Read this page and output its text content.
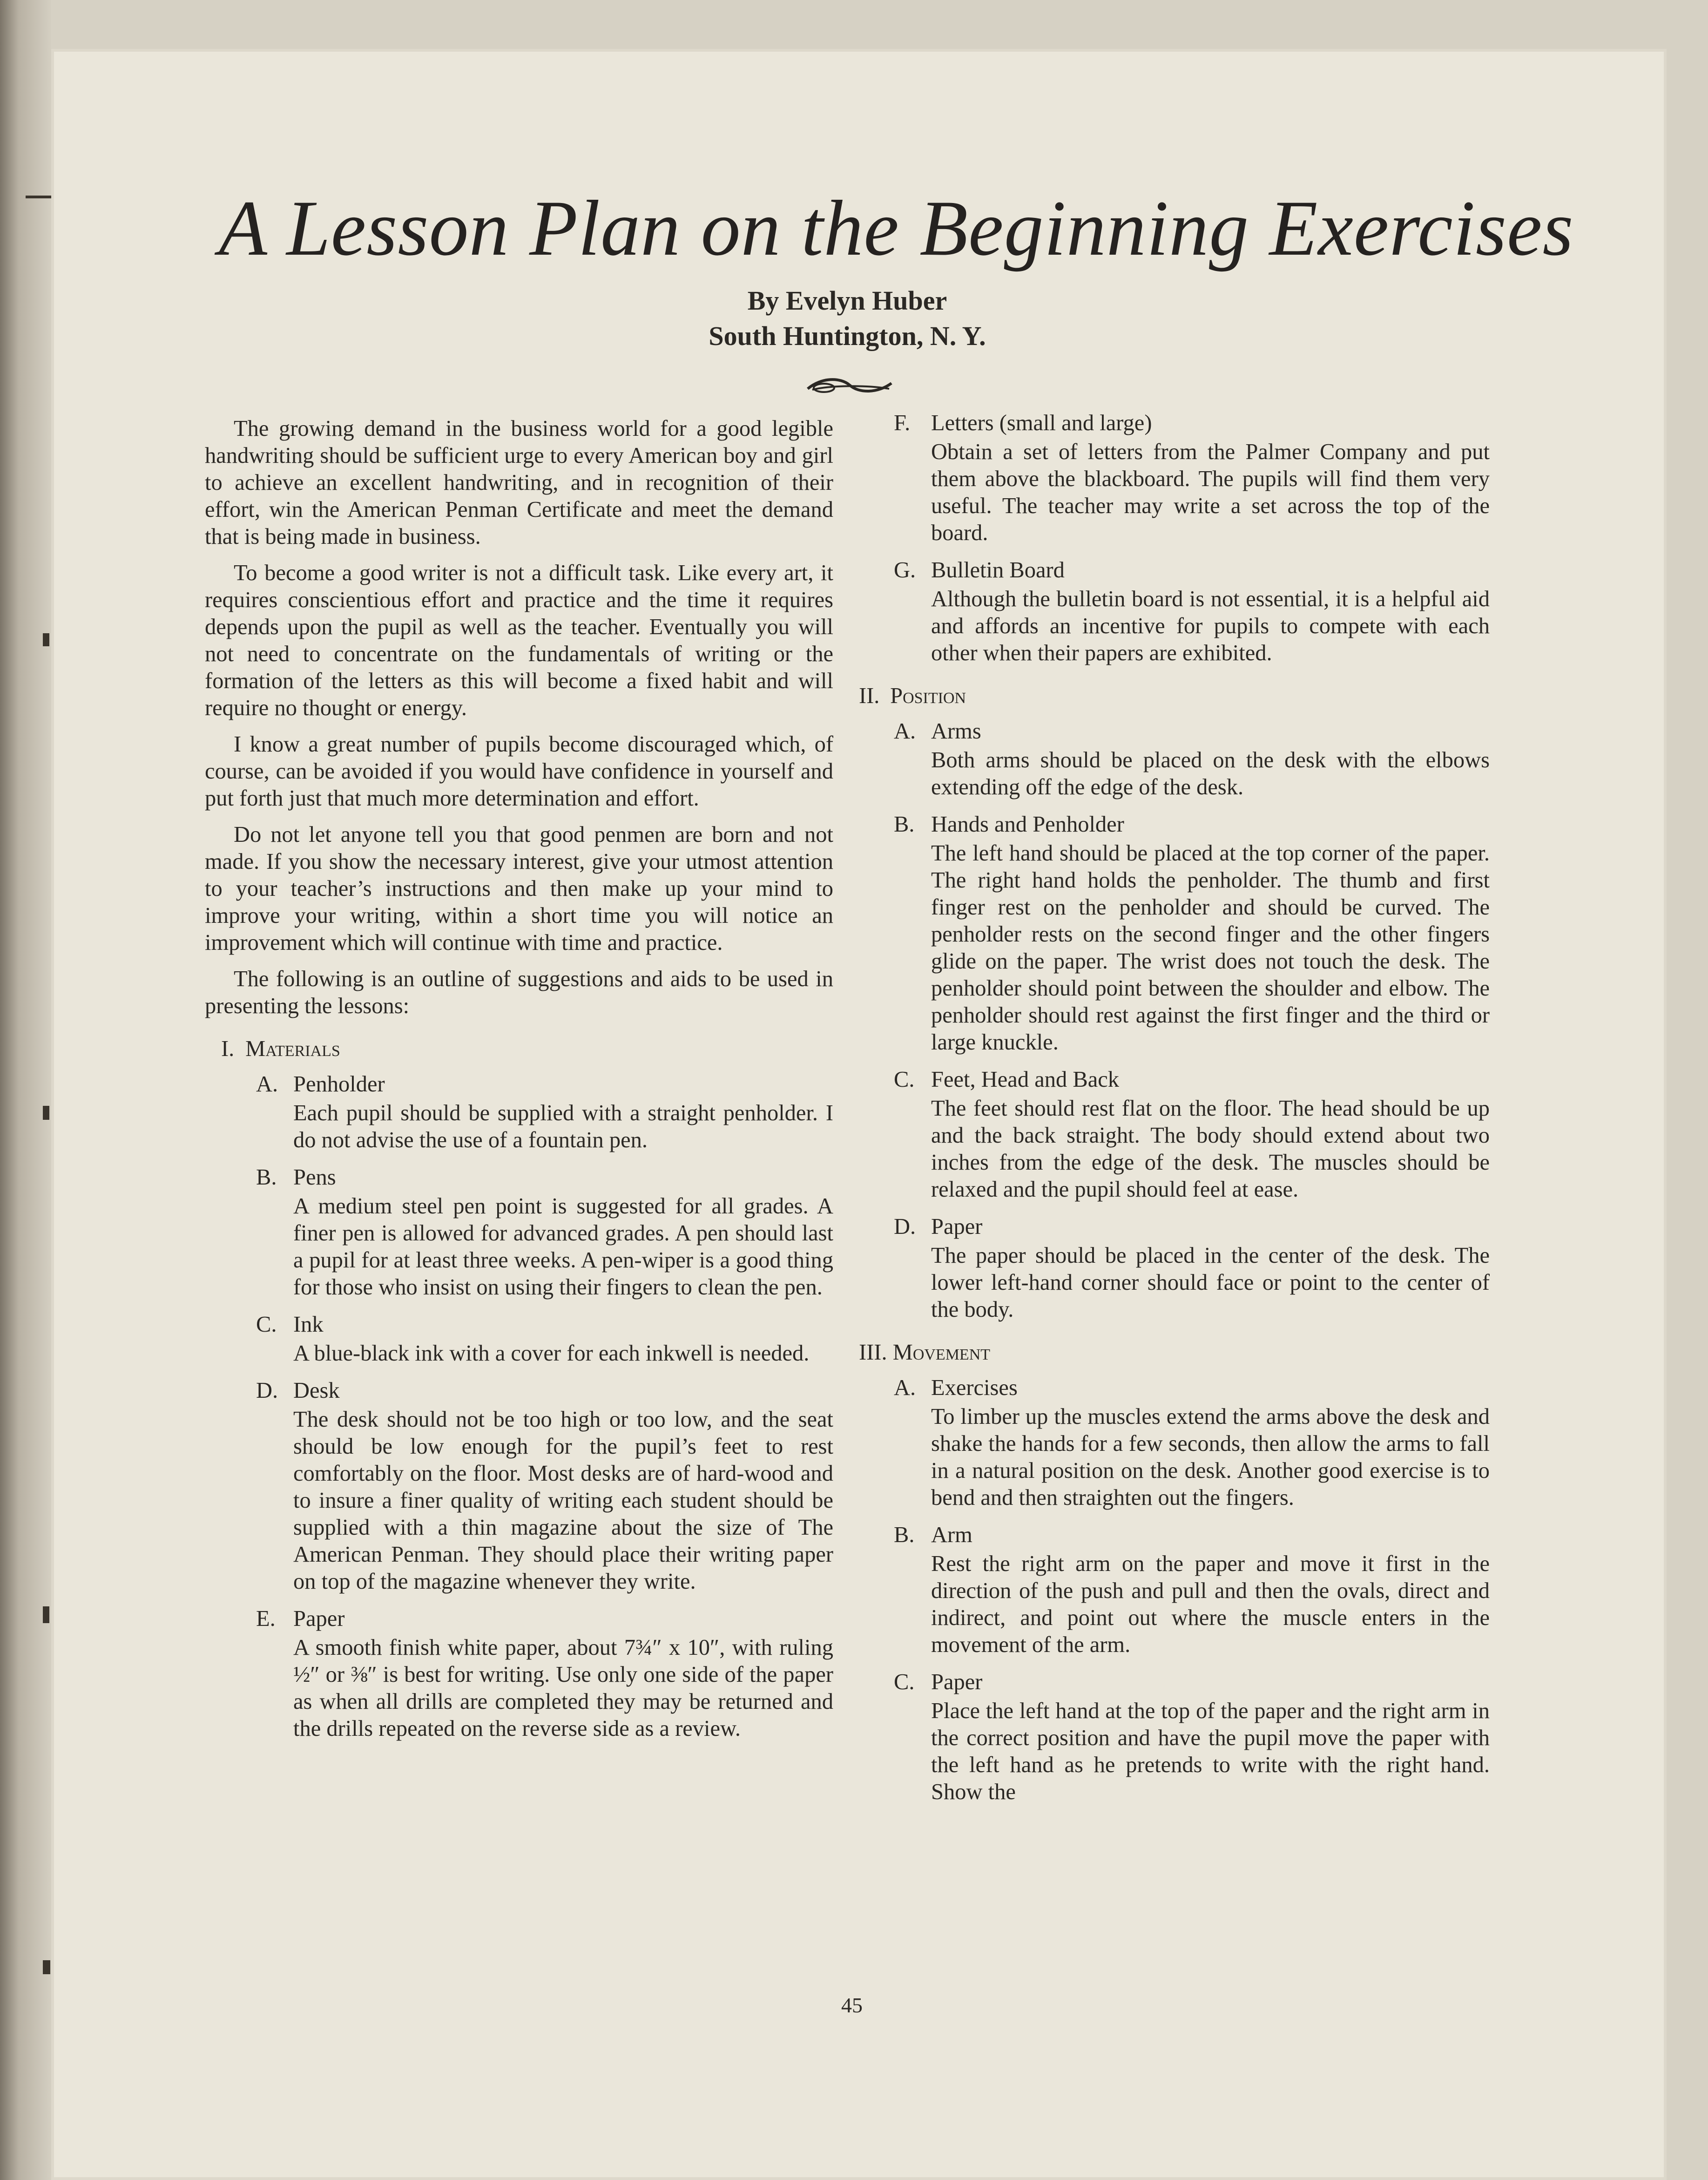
A Lesson Plan on the Beginning Exercises
By Evelyn Huber
South Huntington, N. Y.

The growing demand in the business world for a good legible handwriting should be sufficient urge to every American boy and girl to achieve an excellent handwriting, and in recognition of their effort, win the American Penman Certificate and meet the demand that is being made in business.

To become a good writer is not a difficult task. Like every art, it requires conscientious effort and practice and the time it requires depends upon the pupil as well as the teacher. Eventually you will not need to concentrate on the fundamentals of writing or the formation of the letters as this will become a fixed habit and will require no thought or energy.

I know a great number of pupils become discouraged which, of course, can be avoided if you would have confidence in yourself and put forth just that much more determination and effort.

Do not let anyone tell you that good penmen are born and not made. If you show the necessary interest, give your utmost attention to your teacher’s instructions and then make up your mind to improve your writing, within a short time you will notice an improvement which will continue with time and practice.

The following is an outline of suggestions and aids to be used in presenting the lessons:

I. Materials
A. Penholder
Each pupil should be supplied with a straight penholder. I do not advise the use of a fountain pen.
B. Pens
A medium steel pen point is suggested for all grades. A finer pen is allowed for advanced grades. A pen should last a pupil for at least three weeks. A pen-wiper is a good thing for those who insist on using their fingers to clean the pen.
C. Ink
A blue-black ink with a cover for each inkwell is needed.
D. Desk
The desk should not be too high or too low, and the seat should be low enough for the pupil’s feet to rest comfortably on the floor. Most desks are of hard-wood and to insure a finer quality of writing each student should be supplied with a thin magazine about the size of The American Penman. They should place their writing paper on top of the magazine whenever they write.
E. Paper
A smooth finish white paper, about 7¾″ x 10″, with ruling ½″ or ⅜″ is best for writing. Use only one side of the paper as when all drills are completed they may be returned and the drills repeated on the reverse side as a review.
F. Letters (small and large)
Obtain a set of letters from the Palmer Company and put them above the blackboard. The pupils will find them very useful. The teacher may write a set across the top of the board.
G. Bulletin Board
Although the bulletin board is not essential, it is a helpful aid and affords an incentive for pupils to compete with each other when their papers are exhibited.
II. Position
A. Arms
Both arms should be placed on the desk with the elbows extending off the edge of the desk.
B. Hands and Penholder
The left hand should be placed at the top corner of the paper. The right hand holds the penholder. The thumb and first finger rest on the penholder and should be curved. The penholder rests on the second finger and the other fingers glide on the paper. The wrist does not touch the desk. The penholder should point between the shoulder and elbow. The penholder should rest against the first finger and the third or large knuckle.
C. Feet, Head and Back
The feet should rest flat on the floor. The head should be up and the back straight. The body should extend about two inches from the edge of the desk. The muscles should be relaxed and the pupil should feel at ease.
D. Paper
The paper should be placed in the center of the desk. The lower left-hand corner should face or point to the center of the body.
III. Movement
A. Exercises
To limber up the muscles extend the arms above the desk and shake the hands for a few seconds, then allow the arms to fall in a natural position on the desk. Another good exercise is to bend and then straighten out the fingers.
B. Arm
Rest the right arm on the paper and move it first in the direction of the push and pull and then the ovals, direct and indirect, and point out where the muscle enters in the movement of the arm.
C. Paper
Place the left hand at the top of the paper and the right arm in the correct position and have the pupil move the paper with the left hand as he pretends to write with the right hand. Show the
45
